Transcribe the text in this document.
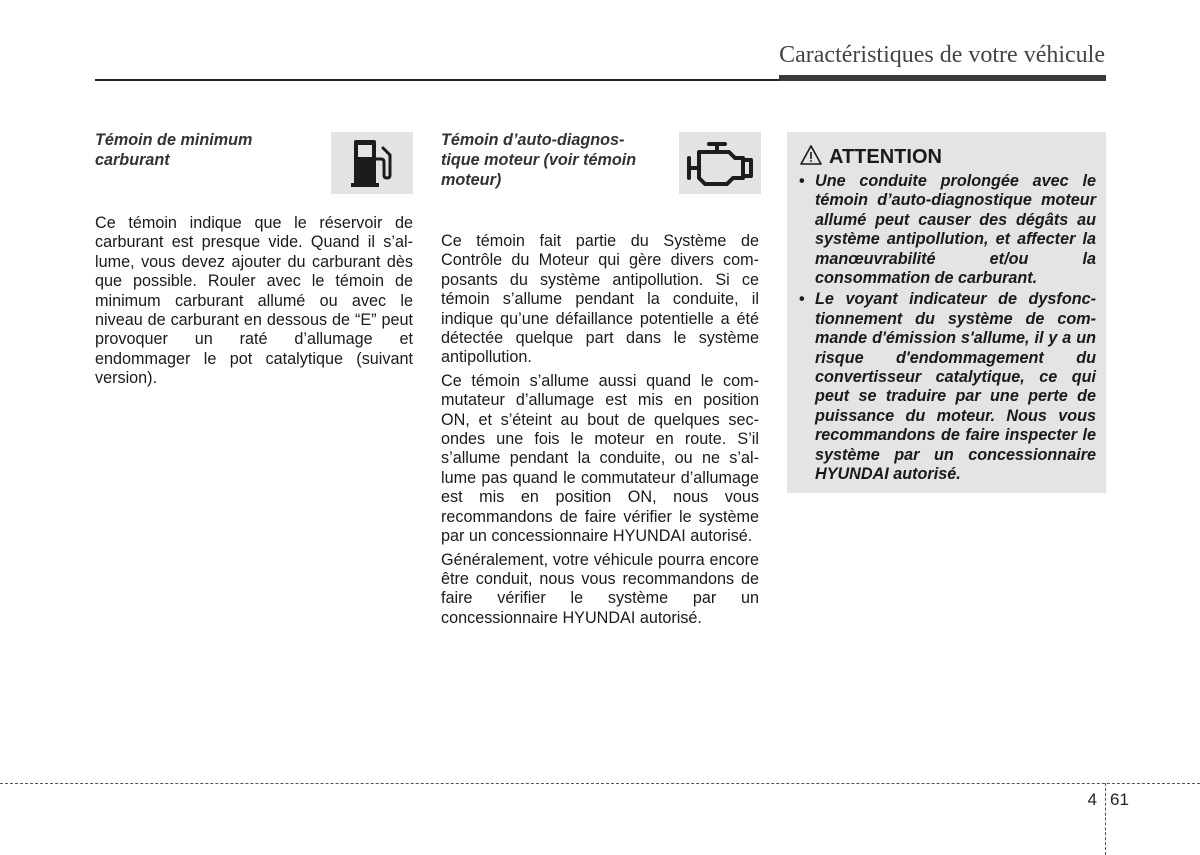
Caractéristiques de votre véhicule
Témoin de minimum
carburant

Ce témoin indique que le réservoir de carburant est presque vide. Quand il s’allume, vous devez ajouter du carburant dès que possible. Rouler avec le témoin de minimum carburant allumé ou avec le niveau de carburant en dessous de “E” peut provoquer un raté d’allumage et endommager le pot catalytique (suivant version).

Témoin d’auto-diagnos-
tique moteur (voir témoin
moteur)

Ce témoin fait partie du Système de Contrôle du Moteur qui gère divers composants du système antipollution. Si ce témoin s’allume pendant la conduite, il indique qu’une défaillance potentielle a été détectée quelque part dans le système antipollution.

Ce témoin s’allume aussi quand le commutateur d’allumage est mis en position ON, et s’éteint au bout de quelques secondes une fois le moteur en route. S’il s’allume pendant la conduite, ou ne s’allume pas quand le commutateur d’allumage est mis en position ON, nous vous recommandons de faire vérifier le système par un concessionnaire HYUNDAI autorisé.

Généralement, votre véhicule pourra encore être conduit, nous vous recommandons de faire vérifier le système par un concessionnaire HYUNDAI autorisé.

ATTENTION
• Une conduite prolongée avec le témoin d’auto-diagnostique moteur allumé peut causer des dégâts au système antipollution, et affecter la manœuvrabilité et/ou la consommation de carburant.
• Le voyant indicateur de dysfonctionnement du système de commande d'émission s'allume, il y a un risque d'endommagement du convertisseur catalytique, ce qui peut se traduire par une perte de puissance du moteur. Nous vous recommandons de faire inspecter le système par un concessionnaire HYUNDAI autorisé.
4 61
